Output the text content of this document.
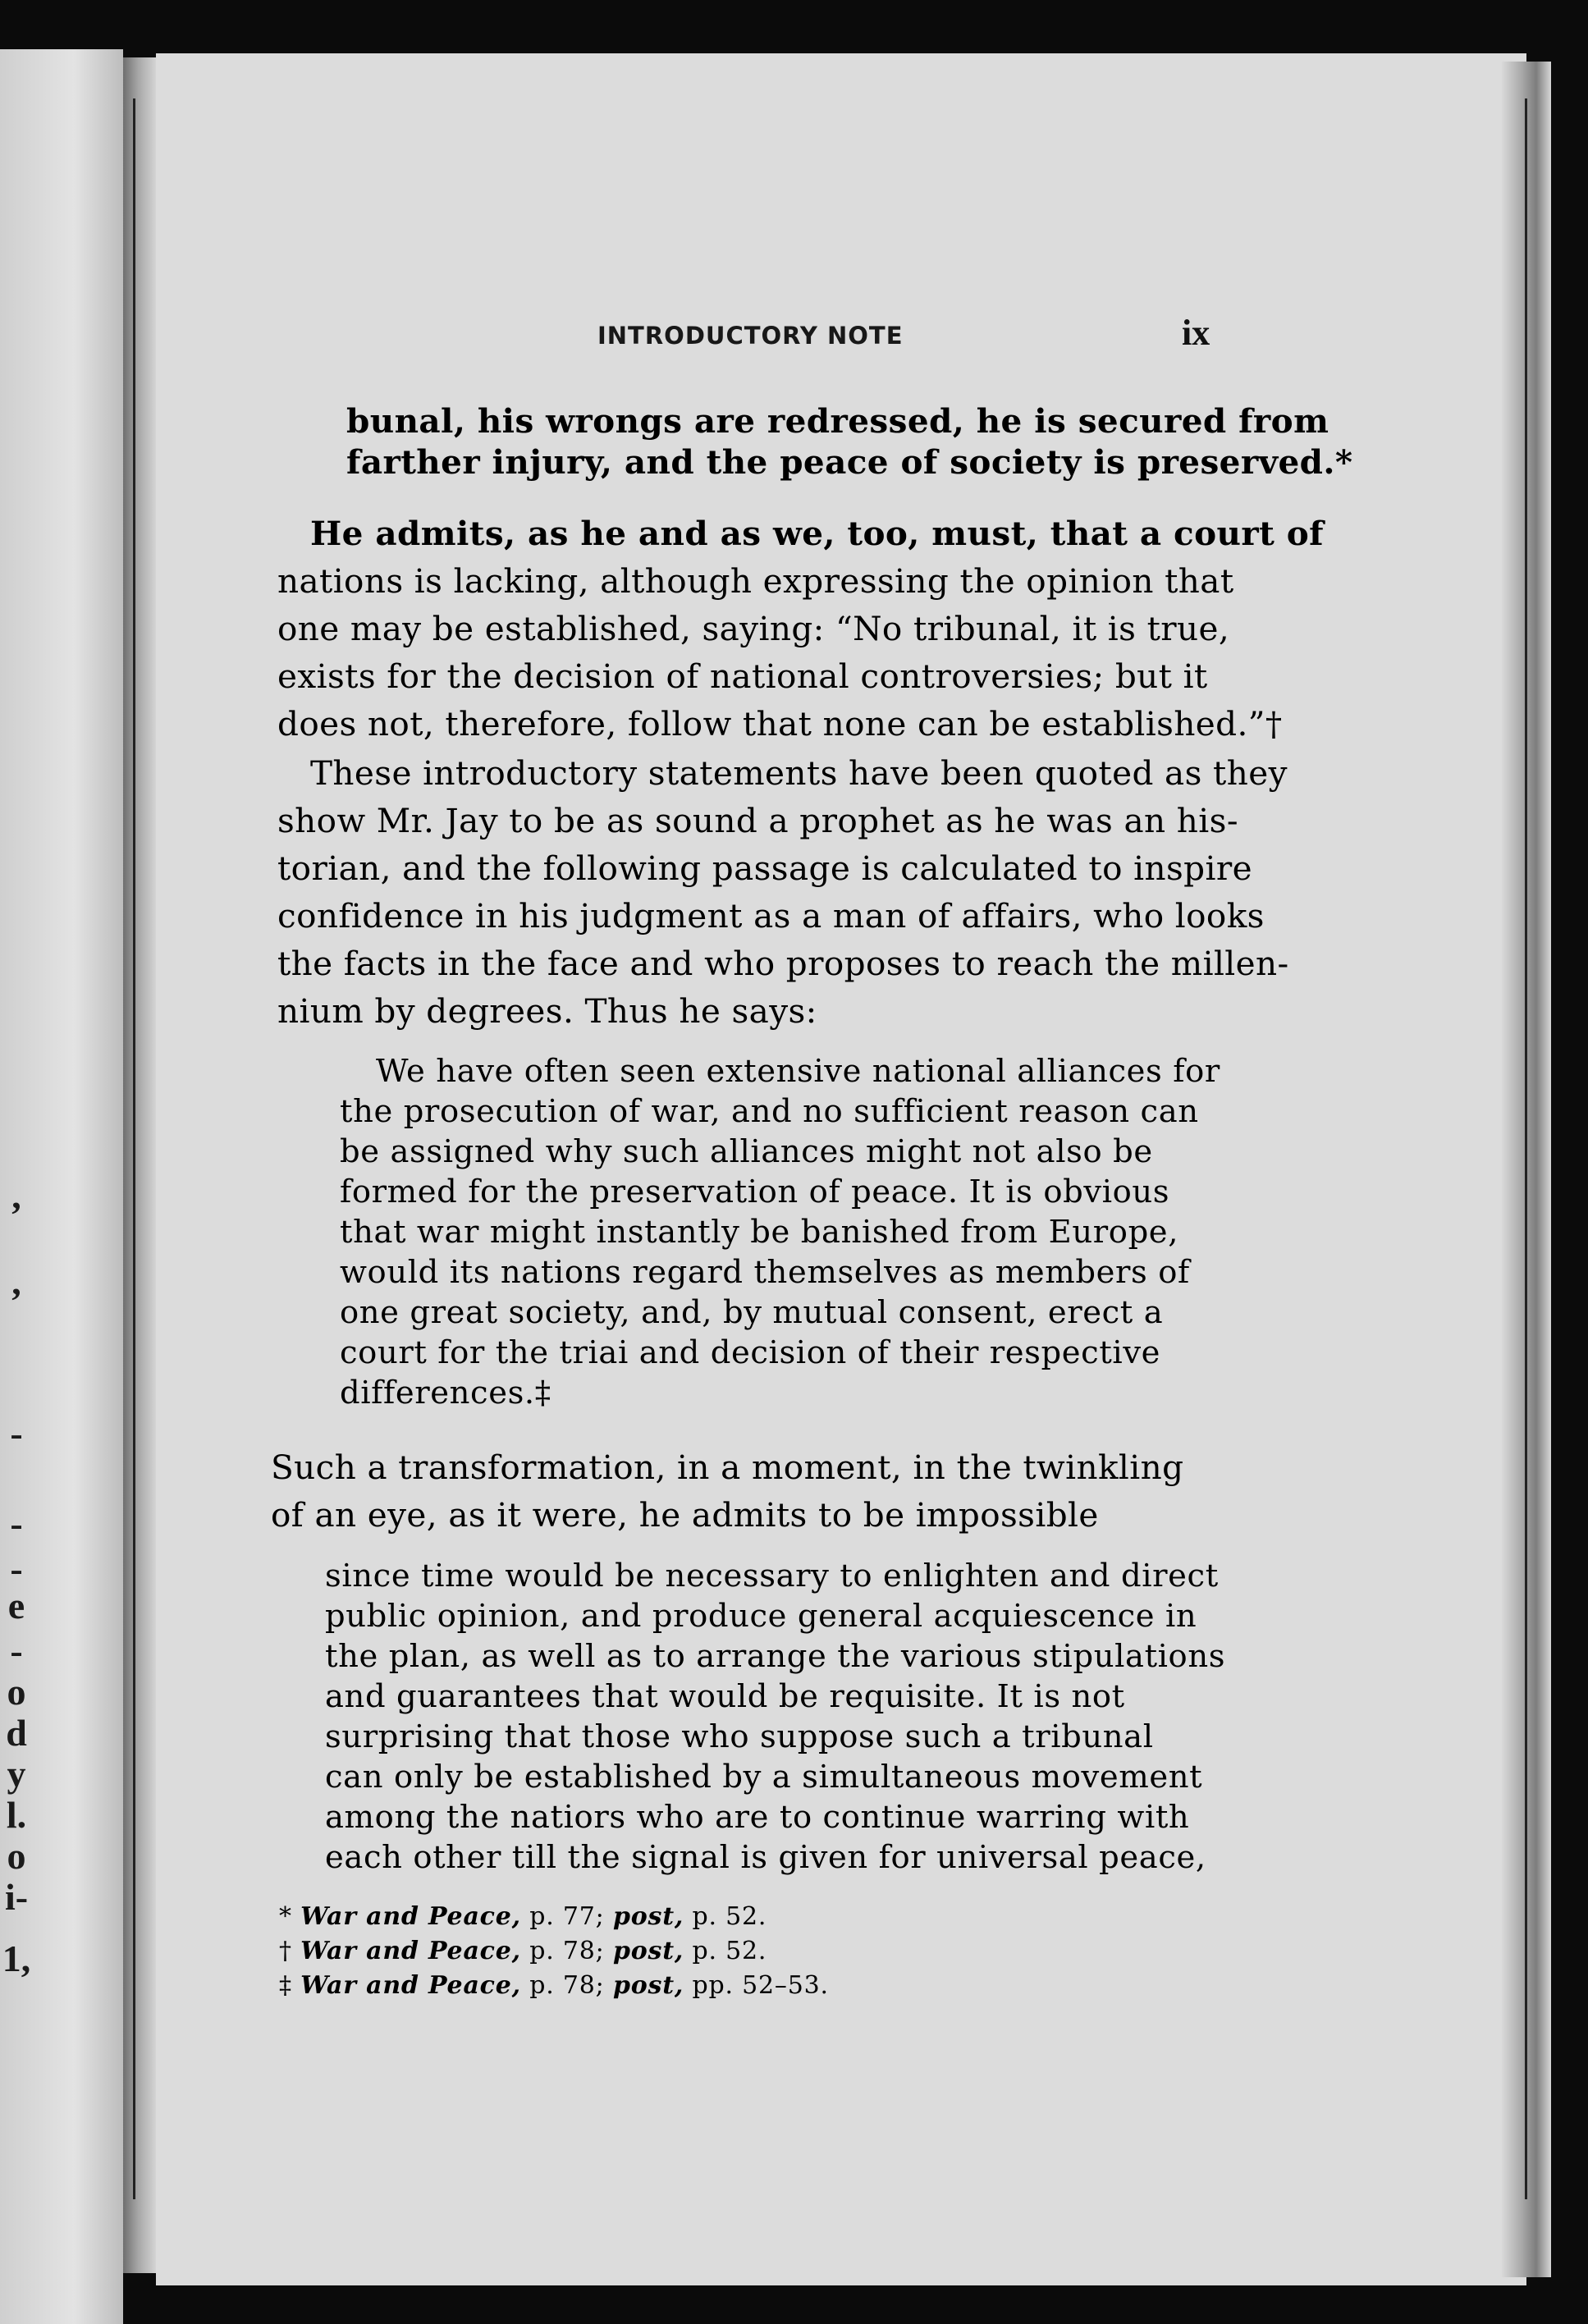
,
,
-
-
-
e
-
o
d
y
l.
o
i-
1,
INTRODUCTORY NOTE	ix
bunal, his wrongs are redressed, he is secured from
farther injury, and the peace of society is preserved.*
He admits, as he and as we, too, must, that a court of
nations is lacking, although expressing the opinion that
one may be established, saying: “No tribunal, it is true,
exists for the decision of national controversies; but it
does not, therefore, follow that none can be established.”†
These introductory statements have been quoted as they
show Mr. Jay to be as sound a prophet as he was an his-
torian, and the following passage is calculated to inspire
confidence in his judgment as a man of affairs, who looks
the facts in the face and who proposes to reach the millen-
nium by degrees. Thus he says:
We have often seen extensive national alliances for
the prosecution of war, and no sufficient reason can
be assigned why such alliances might not also be
formed for the preservation of peace. It is obvious
that war might instantly be banished from Europe,
would its nations regard themselves as members of
one great society, and, by mutual consent, erect a
court for the triai and decision of their respective
differences.‡
Such a transformation, in a moment, in the twinkling
of an eye, as it were, he admits to be impossible
since time would be necessary to enlighten and direct
public opinion, and produce general acquiescence in
the plan, as well as to arrange the various stipulations
and guarantees that would be requisite. It is not
surprising that those who suppose such a tribunal
can only be established by a simultaneous movement
among the natiors who are to continue warring with
each other till the signal is given for universal peace,
* War and Peace, p. 77; post, p. 52.
† War and Peace, p. 78; post, p. 52.
‡ War and Peace, p. 78; post, pp. 52–53.
